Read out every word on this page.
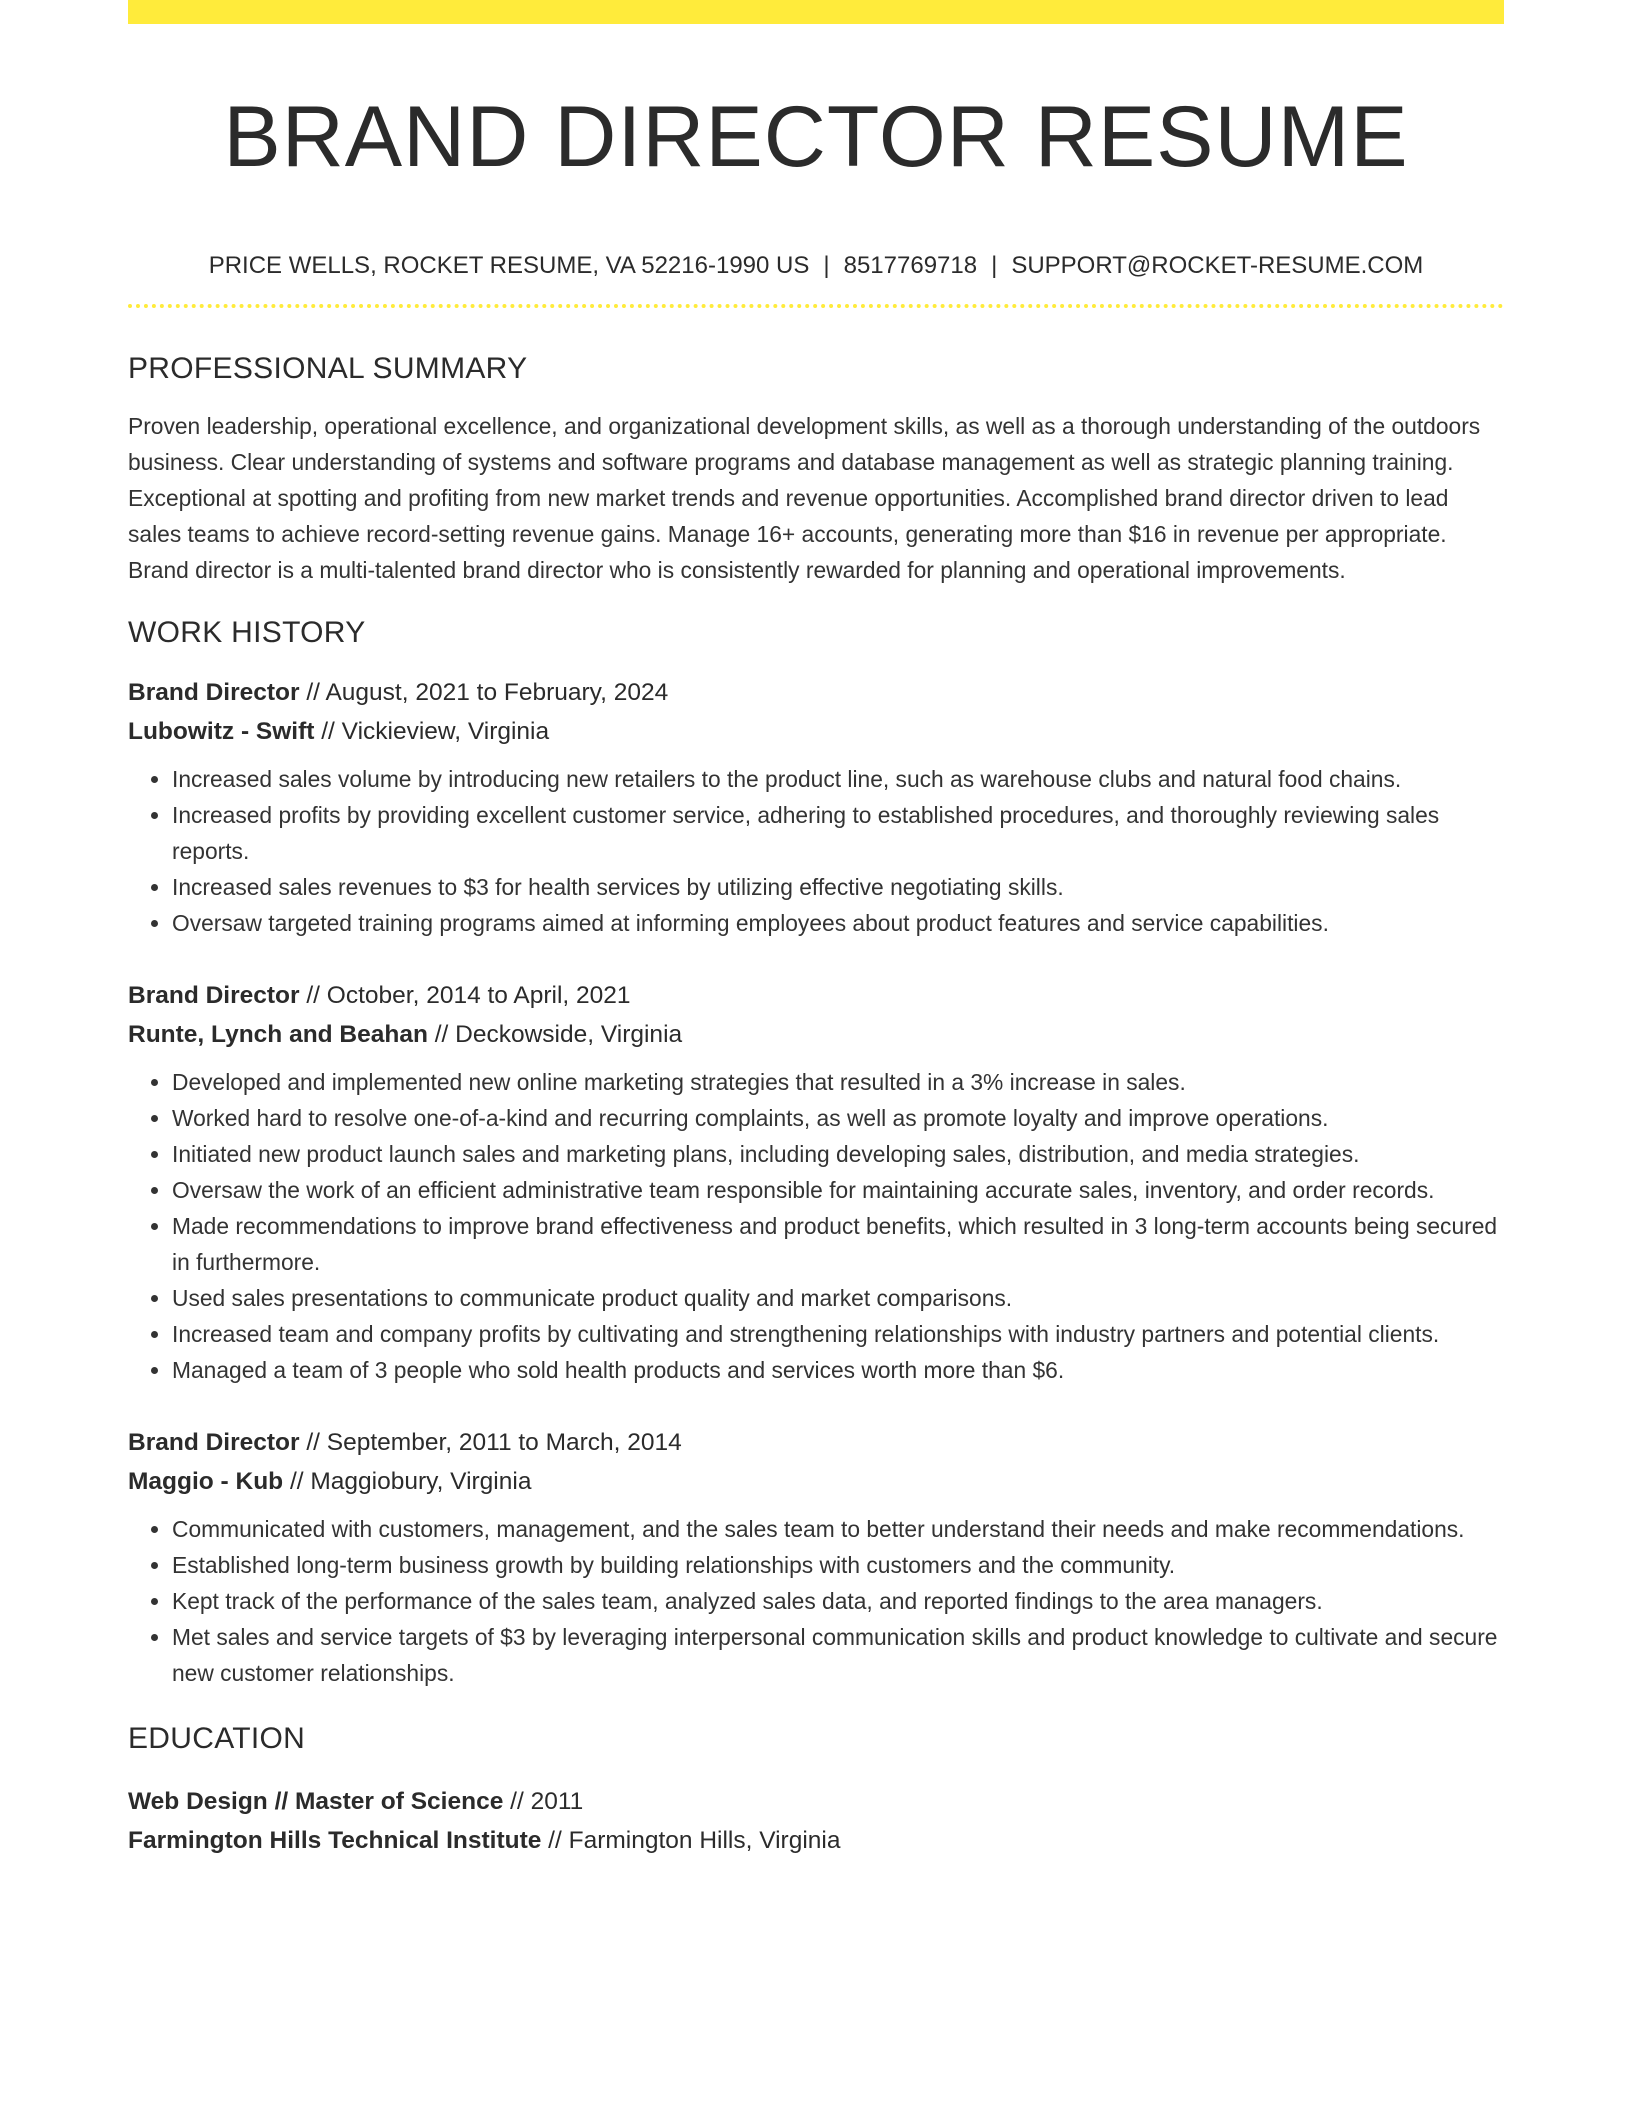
BRAND DIRECTOR RESUME
PRICE WELLS, ROCKET RESUME, VA 52216-1990 US | 8517769718 | SUPPORT@ROCKET-RESUME.COM
PROFESSIONAL SUMMARY

Proven leadership, operational excellence, and organizational development skills, as well as a thorough understanding of the outdoors business. Clear understanding of systems and software programs and database management as well as strategic planning training. Exceptional at spotting and profiting from new market trends and revenue opportunities. Accomplished brand director driven to lead sales teams to achieve record-setting revenue gains. Manage 16+ accounts, generating more than $16 in revenue per appropriate. Brand director is a multi-talented brand director who is consistently rewarded for planning and operational improvements.

WORK HISTORY
Brand Director // August, 2021 to February, 2024
Lubowitz - Swift // Vickieview, Virginia
• Increased sales volume by introducing new retailers to the product line, such as warehouse clubs and natural food chains.
• Increased profits by providing excellent customer service, adhering to established procedures, and thoroughly reviewing sales reports.
• Increased sales revenues to $3 for health services by utilizing effective negotiating skills.
• Oversaw targeted training programs aimed at informing employees about product features and service capabilities.
Brand Director // October, 2014 to April, 2021
Runte, Lynch and Beahan // Deckowside, Virginia
• Developed and implemented new online marketing strategies that resulted in a 3% increase in sales.
• Worked hard to resolve one-of-a-kind and recurring complaints, as well as promote loyalty and improve operations.
• Initiated new product launch sales and marketing plans, including developing sales, distribution, and media strategies.
• Oversaw the work of an efficient administrative team responsible for maintaining accurate sales, inventory, and order records.
• Made recommendations to improve brand effectiveness and product benefits, which resulted in 3 long-term accounts being secured in furthermore.
• Used sales presentations to communicate product quality and market comparisons.
• Increased team and company profits by cultivating and strengthening relationships with industry partners and potential clients.
• Managed a team of 3 people who sold health products and services worth more than $6.
Brand Director // September, 2011 to March, 2014
Maggio - Kub // Maggiobury, Virginia
• Communicated with customers, management, and the sales team to better understand their needs and make recommendations.
• Established long-term business growth by building relationships with customers and the community.
• Kept track of the performance of the sales team, analyzed sales data, and reported findings to the area managers.
• Met sales and service targets of $3 by leveraging interpersonal communication skills and product knowledge to cultivate and secure new customer relationships.
EDUCATION
Web Design // Master of Science // 2011
Farmington Hills Technical Institute // Farmington Hills, Virginia
